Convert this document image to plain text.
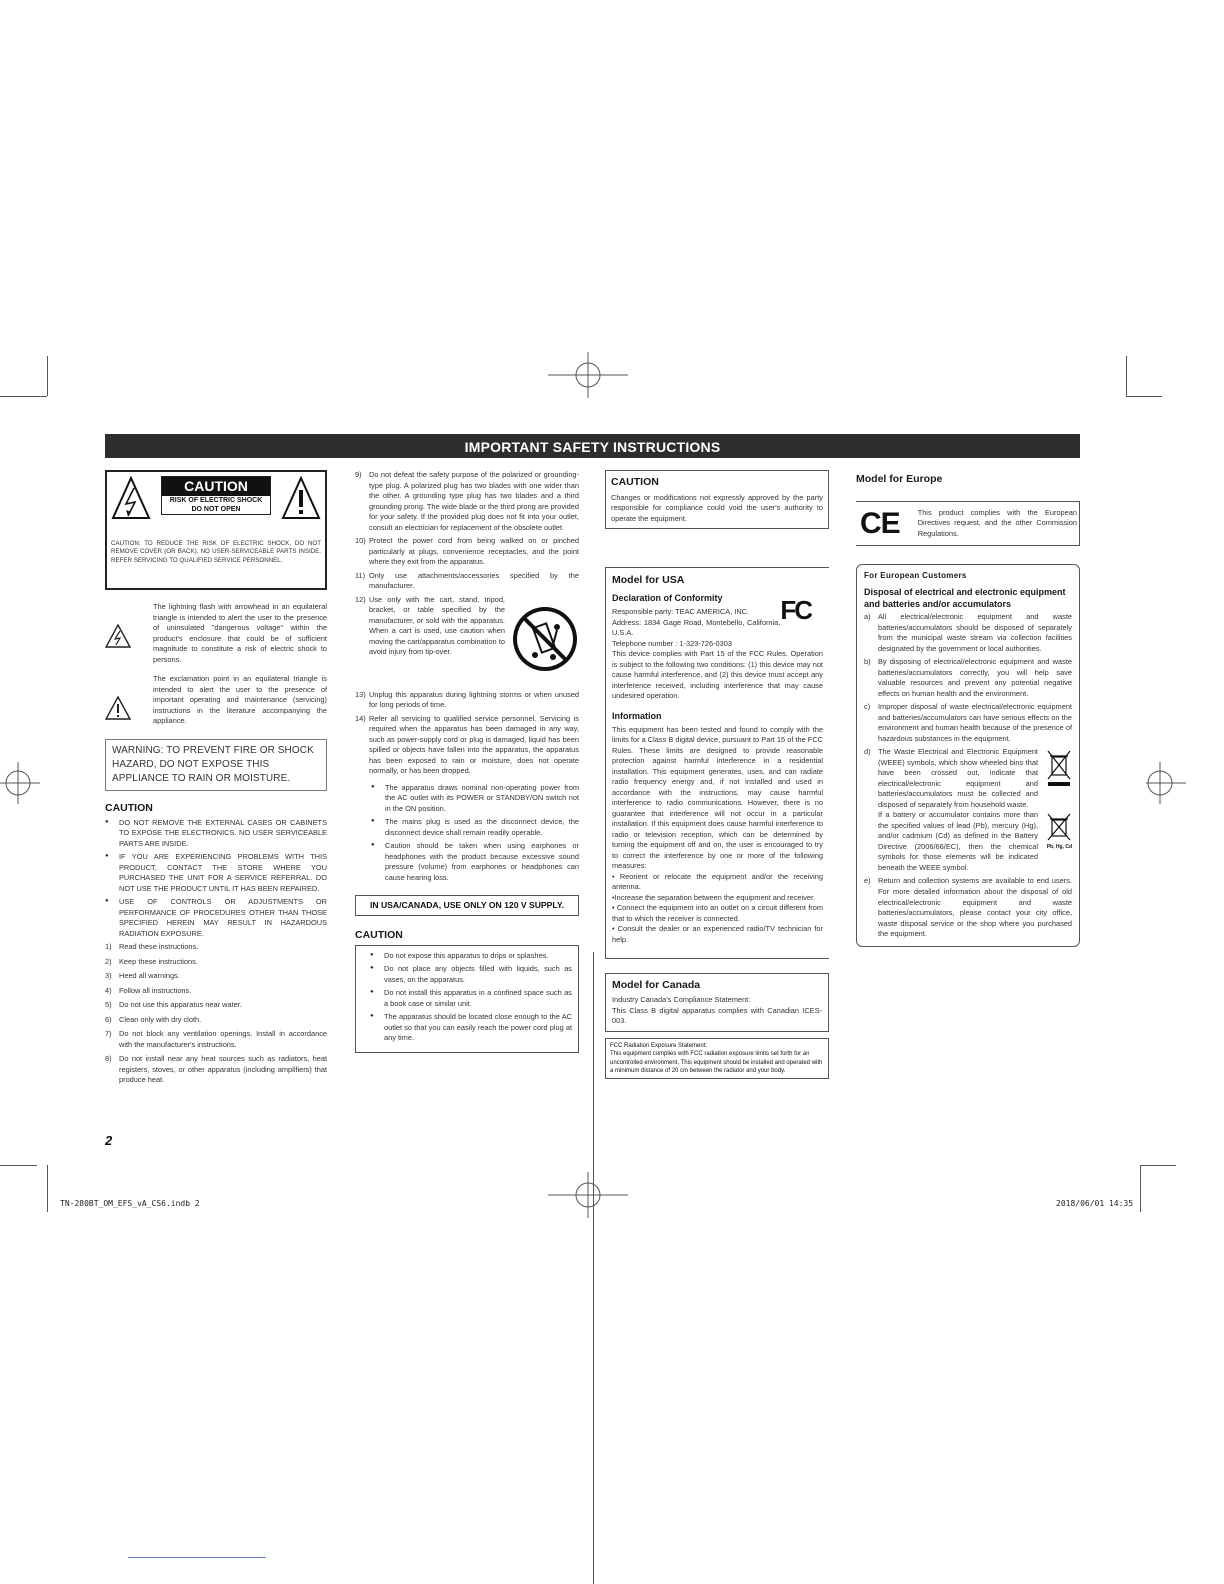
IMPORTANT SAFETY INSTRUCTIONS
CAUTION
RISK OF ELECTRIC SHOCK
DO NOT OPEN

CAUTION: TO REDUCE THE RISK OF ELECTRIC SHOCK, DO NOT REMOVE COVER (OR BACK). NO USER-SERVICEABLE PARTS INSIDE. REFER SERVICING TO QUALIFIED SERVICE PERSONNEL.

The lightning flash with arrowhead in an equilateral triangle is intended to alert the user to the presence of uninsulated "dangerous voltage" within the product's enclosure that could be of sufficient magnitude to constitute a risk of electric shock to persons.

The exclamation point in an equilateral triangle is intended to alert the user to the presence of important operating and maintenance (servicing) instructions in the literature accompanying the appliance.

WARNING: TO PREVENT FIRE OR SHOCK HAZARD, DO NOT EXPOSE THIS APPLIANCE TO RAIN OR MOISTURE.
CAUTION
● DO NOT REMOVE THE EXTERNAL CASES OR CABINETS TO EXPOSE THE ELECTRONICS. NO USER SERVICEABLE PARTS ARE INSIDE.
● IF YOU ARE EXPERIENCING PROBLEMS WITH THIS PRODUCT, CONTACT THE STORE WHERE YOU PURCHASED THE UNIT FOR A SERVICE REFERRAL. DO NOT USE THE PRODUCT UNTIL IT HAS BEEN REPAIRED.
● USE OF CONTROLS OR ADJUSTMENTS OR PERFORMANCE OF PROCEDURES OTHER THAN THOSE SPECIFIED HEREIN MAY RESULT IN HAZARDOUS RADIATION EXPOSURE.
1) Read these instructions.
2) Keep these instructions.
3) Heed all warnings.
4) Follow all instructions.
5) Do not use this apparatus near water.
6) Clean only with dry cloth.
7) Do not block any ventilation openings. Install in accordance with the manufacturer's instructions.
8) Do not install near any heat sources such as radiators, heat registers, stoves, or other apparatus (including amplifiers) that produce heat.
2
9) Do not defeat the safety purpose of the polarized or grounding-type plug. A polarized plug has two blades with one wider than the other. A grounding type plug has two blades and a third grounding prong. The wide blade or the third prong are provided for your safety. If the provided plug does not fit into your outlet, consult an electrician for replacement of the obsolete outlet.
10) Protect the power cord from being walked on or pinched particularly at plugs, convenience receptacles, and the point where they exit from the apparatus.
11) Only use attachments/accessories specified by the manufacturer.
12) Use only with the cart, stand, tripod, bracket, or table specified by the manufacturer, or sold with the apparatus. When a cart is used, use caution when moving the cart/apparatus combination to avoid injury from tip-over.
13) Unplug this apparatus during lightning storms or when unused for long periods of time.
14) Refer all servicing to qualified service personnel. Servicing is required when the apparatus has been damaged in any way, such as power-supply cord or plug is damaged, liquid has been spilled or objects have fallen into the apparatus, the apparatus has been exposed to rain or moisture, does not operate normally, or has been dropped.
● The apparatus draws nominal non-operating power from the AC outlet with its POWER or STANDBY/ON switch not in the ON position.
● The mains plug is used as the disconnect device, the disconnect device shall remain readily operable.
● Caution should be taken when using earphones or headphones with the product because excessive sound pressure (volume) from earphones or headphones can cause hearing loss.
IN USA/CANADA, USE ONLY ON 120 V SUPPLY.
CAUTION
● Do not expose this apparatus to drips or splashes.
● Do not place any objects filled with liquids, such as vases, on the apparatus.
● Do not install this apparatus in a confined space such as a book case or similar unit.
● The apparatus should be located close enough to the AC outlet so that you can easily reach the power cord plug at any time.
CAUTION

Changes or modifications not expressly approved by the party responsible for compliance could void the user's authority to operate the equipment.

Model for USA
Declaration of Conformity

Responsible party: TEAC AMERICA, INC.

Address: 1834 Gage Road, Montebello, California, U.S.A.

Telephone number : 1-323-726-0303

FC

This device complies with Part 15 of the FCC Rules. Operation is subject to the following two conditions: (1) this device may not cause harmful interference, and (2) this device must accept any interference received, including interference that may cause undesired operation.

Information

This equipment has been tested and found to comply with the limits for a Class B digital device, pursuant to Part 15 of the FCC Rules. These limits are designed to provide reasonable protection against harmful interference in a residential installation. This equipment generates, uses, and can radiate radio frequency energy and, if not installed and used in accordance with the instructions, may cause harmful interference to radio communications. However, there is no guarantee that interference will not occur in a particular installation. If this equipment does cause harmful interference to radio or television reception, which can be determined by turning the equipment off and on, the user is encouraged to try to correct the interference by one or more of the following measures:

• Reorient or relocate the equipment and/or the receiving antenna.

•Increase the separation between the equipment and receiver.

• Connect the equipment into an outlet on a circuit different from that to which the receiver is connected.

• Consult the dealer or an experienced radio/TV technician for help.

Model for Canada

Industry Canada's Compliance Statement:

This Class B digital apparatus complies with Canadian ICES-003.

FCC Radiation Exposure Statement:
This equipment complies with FCC radiation exposure limits set forth for an uncontrolled environment. This equipment should be installed and operated with a minimum distance of 20 cm between the radiator and your body.
Model for Europe
CE	This product complies with the European Directives request, and the other Commission Regulations.

For European Customers
Disposal of electrical and electronic equipment and batteries and/or accumulators
a) All electrical/electronic equipment and waste batteries/accumulators should be disposed of separately from the municipal waste stream via collection facilities designated by the government or local authorities.
b) By disposing of electrical/electronic equipment and waste batteries/accumulators correctly, you will help save valuable resources and prevent any potential negative effects on human health and the environment.
c) Improper disposal of waste electrical/electronic equipment and batteries/accumulators can have serious effects on the environment and human health because of the presence of hazardous substances in the equipment.
d) The Waste Electrical and Electronic Equipment (WEEE) symbols, which show wheeled bins that have been crossed out, indicate that electrical/electronic equipment and batteries/accumulators must be collected and disposed of separately from household waste.
If a battery or accumulator contains more than the specified values of lead (Pb), mercury (Hg), and/or cadmium (Cd) as defined in the Battery Directive (2006/66/EC), then the chemical symbols for those elements will be indicated beneath the WEEE symbol.
Pb, Hg, Cd
e) Return and collection systems are available to end users. For more detailed information about the disposal of old electrical/electronic equipment and waste batteries/accumulators, please contact your city office, waste disposal service or the shop where you purchased the equipment.
TN-280BT_OM_EFS_vA_CS6.indb 2	2018/06/01 14:35
